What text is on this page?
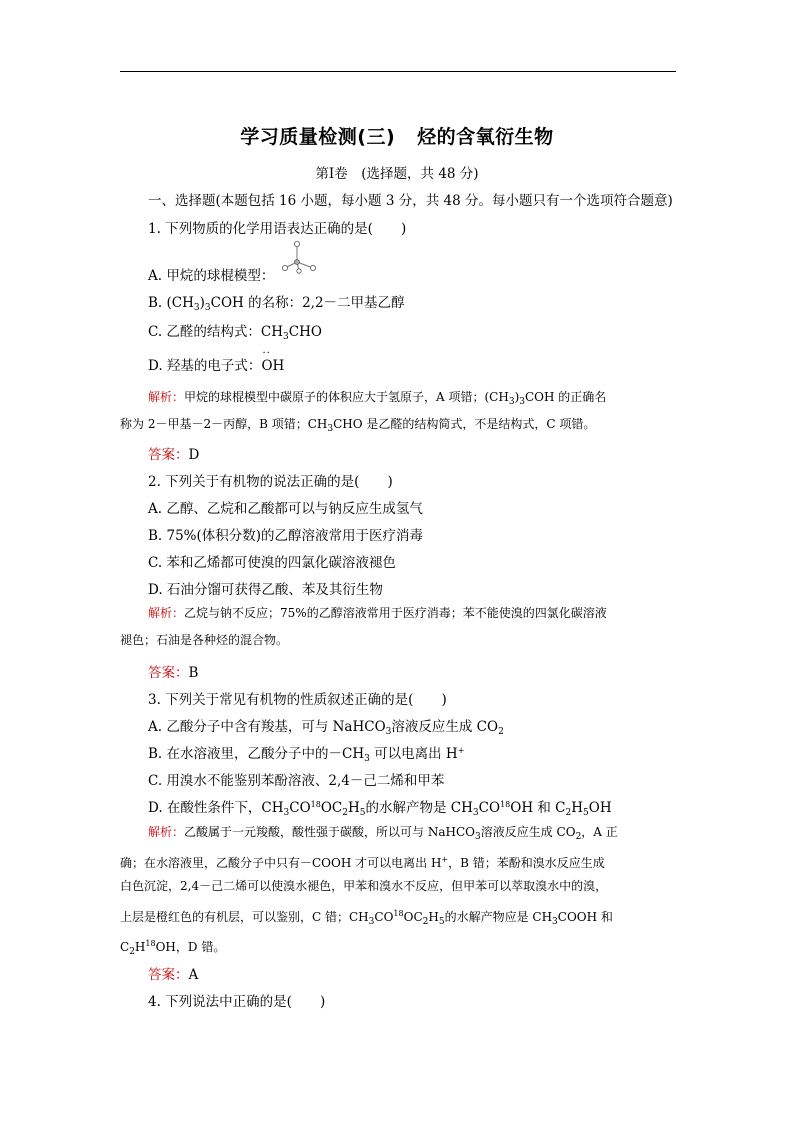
学习质量检测(三) 烃的含氧衍生物
第Ⅰ卷　(选择题，共 48 分)
一、选择题(本题包括 16 小题，每小题 3 分，共 48 分。每小题只有一个选项符合题意)
1. 下列物质的化学用语表达正确的是( )
A. 甲烷的球棍模型：
B. $(CH_3)_3COH$ 的名称：2,2－二甲基乙醇
C. 乙醛的结构式：$CH_3CHO$
D. 羟基的电子式：
··
OH
解析：甲烷的球棍模型中碳原子的体积应大于氢原子，A 项错；$(CH_3)_3COH$ 的正确名
称为 2－甲基－2－丙醇，B 项错；$CH_3CHO$ 是乙醛的结构简式，不是结构式，C 项错。
答案：D
2. 下列关于有机物的说法正确的是( )
A. 乙醇、乙烷和乙酸都可以与钠反应生成氢气
B. 75%(体积分数)的乙醇溶液常用于医疗消毒
C. 苯和乙烯都可使溴的四氯化碳溶液褪色
D. 石油分馏可获得乙酸、苯及其衍生物
解析：乙烷与钠不反应；75%的乙醇溶液常用于医疗消毒；苯不能使溴的四氯化碳溶液
褪色；石油是各种烃的混合物。
答案：B
3. 下列关于常见有机物的性质叙述正确的是( )
A. 乙酸分子中含有羧基，可与 NaHCO$_3$溶液反应生成 $CO_2$
B. 在水溶液里，乙酸分子中的$-CH_3$ 可以电离出 H+
C. 用溴水不能鉴别苯酚溶液、2,4－己二烯和甲苯
D. 在酸性条件下，$CH_3CO^{18}OC_2H_5$的水解产物是 $CH_3CO^{18}OH$ 和 $C_2H_5OH$
解析：乙酸属于一元羧酸，酸性强于碳酸，所以可与 NaHCO$_3$溶液反应生成 $CO_2$，A 正
确；在水溶液里，乙酸分子中只有－COOH 才可以电离出 H+，B 错；苯酚和溴水反应生成
白色沉淀，2,4－己二烯可以使溴水褪色，甲苯和溴水不反应，但甲苯可以萃取溴水中的溴，
上层是橙红色的有机层，可以鉴别，C 错；$CH_3CO^{18}OC_2H_5$的水解产物应是 $CH_3COOH$ 和
$C_2H^{18}OH$，D 错。
答案：A
4. 下列说法中正确的是( )
